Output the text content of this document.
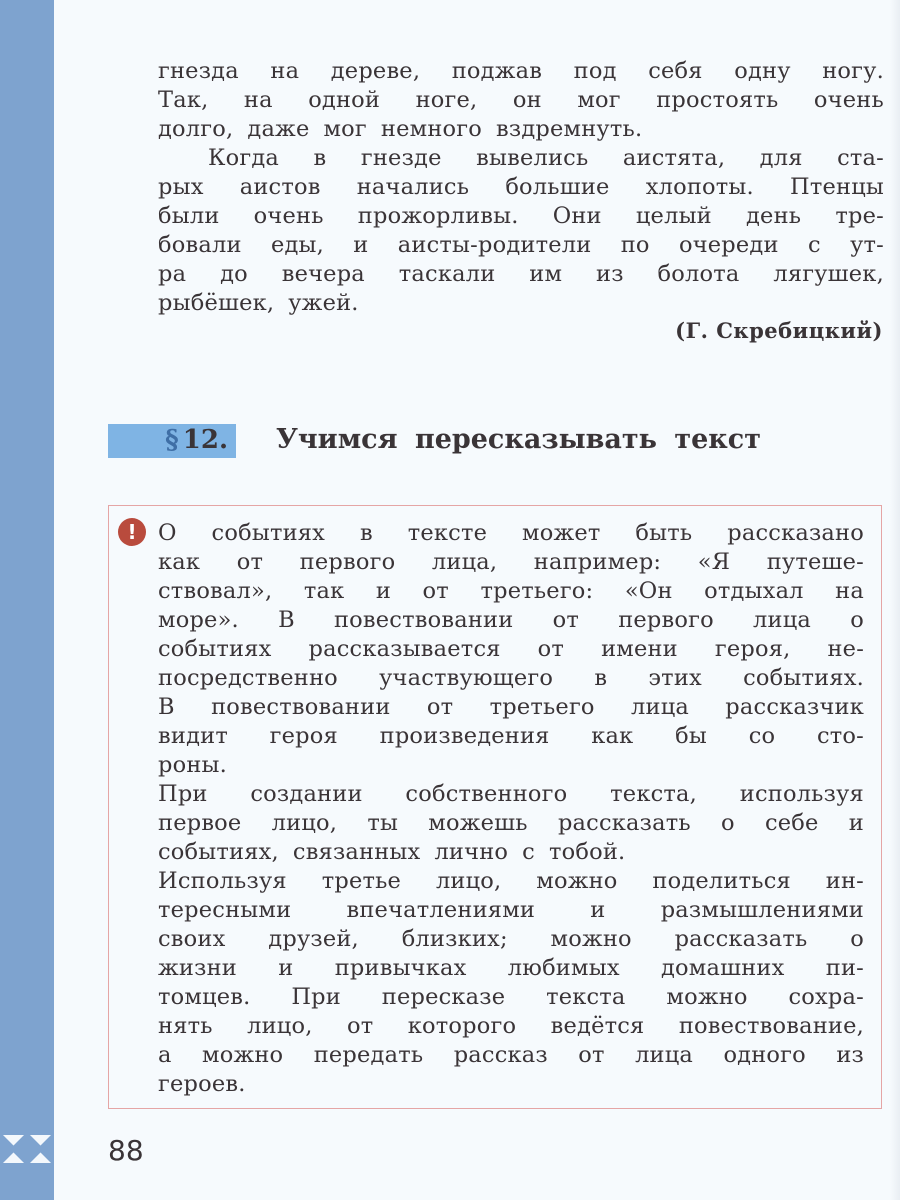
гнезда на дереве, поджав под себя одну ногу.
Так, на одной ноге, он мог простоять очень
долго, даже мог немного вздремнуть.
Когда в гнезде вывелись аистята, для ста-
рых аистов начались большие хлопоты. Птенцы
были очень прожорливы. Они целый день тре-
бовали еды, и аисты-родители по очереди с ут-
ра до вечера таскали им из болота лягушек,
рыбёшек, ужей.
(Г. Скребицкий)
§ 12. Учимся пересказывать текст
! О событиях в тексте может быть рассказано
как от первого лица, например: «Я путеше-
ствовал», так и от третьего: «Он отдыхал на
море». В повествовании от первого лица о
событиях рассказывается от имени героя, не-
посредственно участвующего в этих событиях.
В повествовании от третьего лица рассказчик
видит героя произведения как бы со сто-
роны.
При создании собственного текста, используя
первое лицо, ты можешь рассказать о себе и
событиях, связанных лично с тобой.
Используя третье лицо, можно поделиться ин-
тересными впечатлениями и размышлениями
своих друзей, близких; можно рассказать о
жизни и привычках любимых домашних пи-
томцев. При пересказе текста можно сохра-
нять лицо, от которого ведётся повествование,
а можно передать рассказ от лица одного из
героев.
88
